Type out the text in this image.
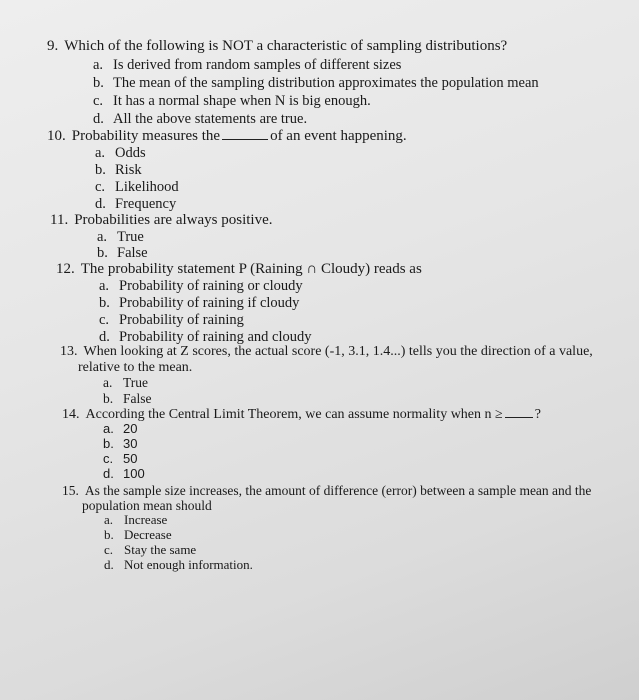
9. Which of the following is NOT a characteristic of sampling distributions?
a. Is derived from random samples of different sizes
b. The mean of the sampling distribution approximates the population mean
c. It has a normal shape when N is big enough.
d. All the above statements are true.
10. Probability measures the	of an event happening.
a. Odds
b. Risk
c. Likelihood
d. Frequency
11. Probabilities are always positive.
a. True
b. False
12. The probability statement P (Raining ∩ Cloudy) reads as
a. Probability of raining or cloudy
b. Probability of raining if cloudy
c. Probability of raining
d. Probability of raining and cloudy
13. When looking at Z scores, the actual score (-1, 3.1, 1.4...) tells you the direction of a value,
relative to the mean.
a. True
b. False
14. According the Central Limit Theorem, we can assume normality when n ≥ ?
a. 20
b. 30
c. 50
d. 100
15. As the sample size increases, the amount of difference (error) between a sample mean and the
population mean should
a. Increase
b. Decrease
c. Stay the same
d. Not enough information.
